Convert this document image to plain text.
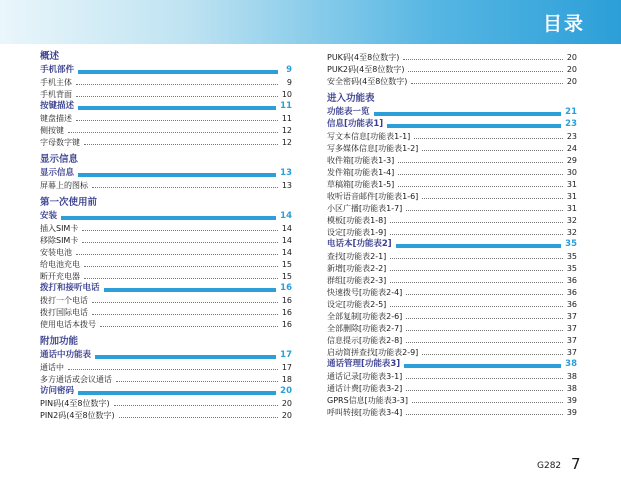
目录
概述
手机部件	9
手机主体	9
手机背面	10
按键描述	11
键盘描述	11
侧按键	12
字母数字键	12
显示信息
显示信息	13
屏幕上的图标	13
第一次使用前
安装	14
插入SIM卡	14
移除SIM卡	14
安装电池	14
给电池充电	15
断开充电器	15
拨打和接听电话	16
拨打一个电话	16
拨打国际电话	16
使用电话本拨号	16
附加功能
通话中功能表	17
通话中	17
多方通话或会议通话	18
访问密码	20
PIN码(4至8位数字)	20
PIN2码(4至8位数字)	20
PUK码(4至8位数字)	20
PUK2码(4至8位数字)	20
安全密码(4至8位数字)	20
进入功能表
功能表一览	21
信息[功能表1]	23
写文本信息[功能表1-1]	23
写多媒体信息[功能表1-2]	24
收件箱[功能表1-3]	29
发件箱[功能表1-4]	30
草稿箱[功能表1-5]	31
收听语音邮件[功能表1-6]	31
小区广播[功能表1-7]	31
模板[功能表1-8]	32
设定[功能表1-9]	32
电话本[功能表2]	35
查找[功能表2-1]	35
新增[功能表2-2]	35
群组[功能表2-3]	36
快速拨号[功能表2-4]	36
设定[功能表2-5]	36
全部复制[功能表2-6]	37
全部删除[功能表2-7]	37
信息提示[功能表2-8]	37
启动简拼查找[功能表2-9]	37
通话管理[功能表3]	38
通话记录[功能表3-1]	38
通话计费[功能表3-2]	38
GPRS信息[功能表3-3]	39
呼叫转接[功能表3-4]	39
G282 7
